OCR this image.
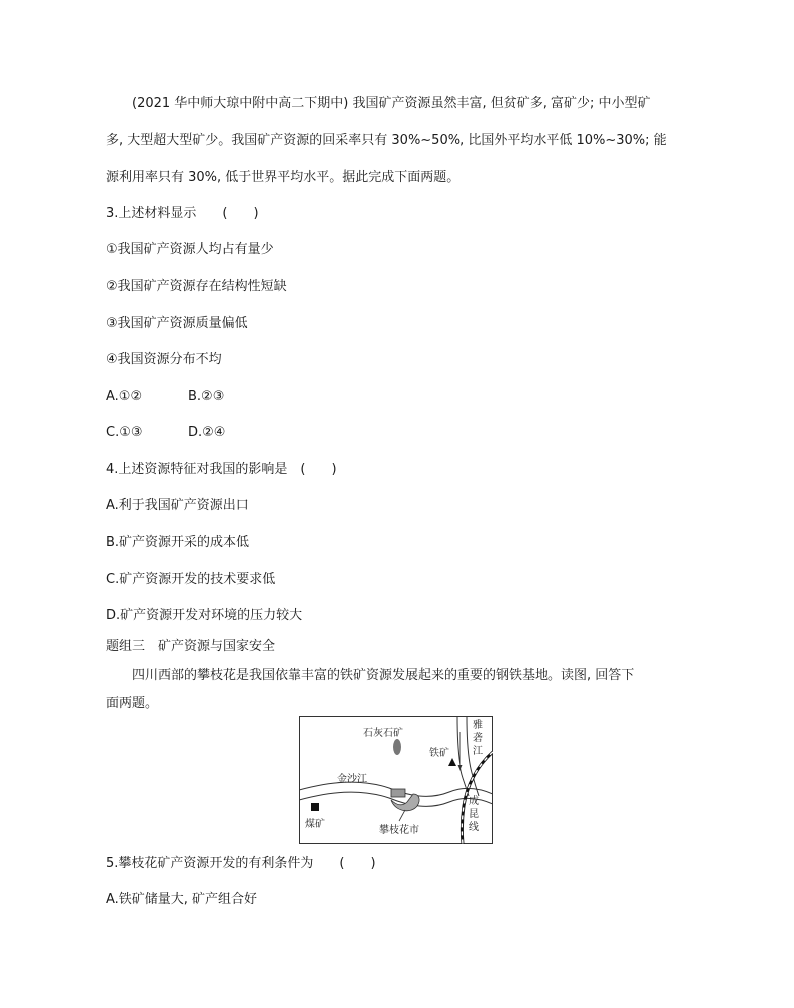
(2021 华中师大琼中附中高二下期中) 我国矿产资源虽然丰富, 但贫矿多, 富矿少; 中小型矿
多, 大型超大型矿少。我国矿产资源的回采率只有 30%~50%, 比国外平均水平低 10%~30%; 能
源利用率只有 30%, 低于世界平均水平。据此完成下面两题。
3.上述材料显示　　(　　)
①我国矿产资源人均占有量少
②我国矿产资源存在结构性短缺
③我国矿产资源质量偏低
④我国资源分布不均
A.①②	B.②③
C.①③	D.②④
4.上述资源特征对我国的影响是　(　　)
A.利于我国矿产资源出口
B.矿产资源开采的成本低
C.矿产资源开发的技术要求低
D.矿产资源开发对环境的压力较大
题组三　矿产资源与国家安全
四川西部的攀枝花是我国依靠丰富的铁矿资源发展起来的重要的钢铁基地。读图, 回答下
面两题。
石灰石矿
铁矿
雅
砻
江
金沙江
成
昆
线
煤矿
攀枝花市
5.攀枝花矿产资源开发的有利条件为　　(　　)
A.铁矿储量大, 矿产组合好
